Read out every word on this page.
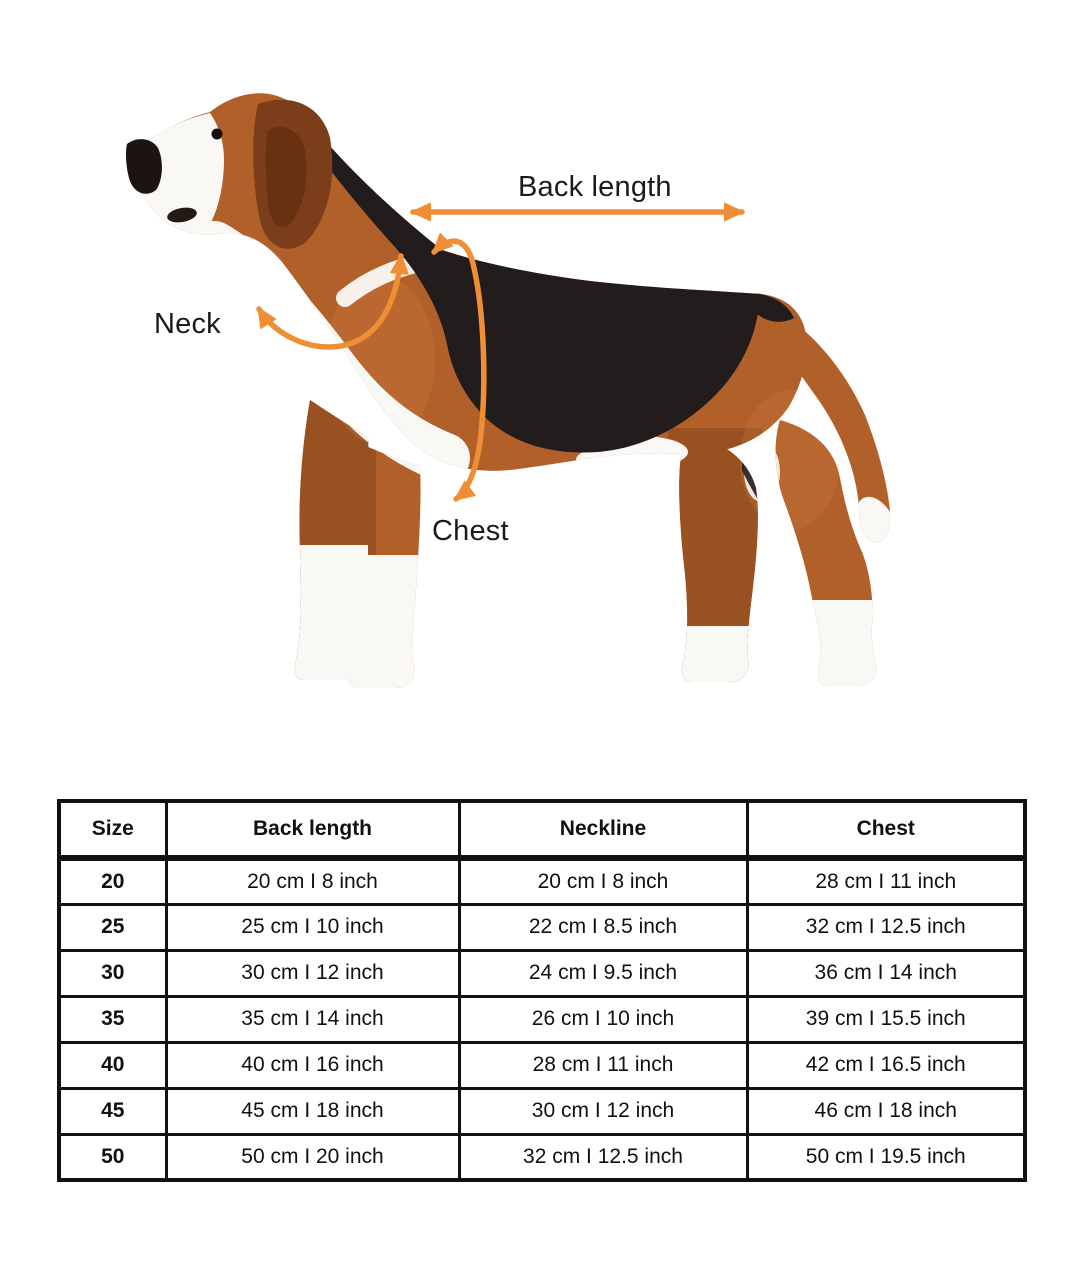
Back length
Neck
Chest
Size	Back length	Neckline	Chest
20	20 cm I 8 inch	20 cm I 8 inch	28 cm I 11 inch
25	25 cm I 10 inch	22 cm I 8.5 inch	32 cm I 12.5 inch
30	30 cm I 12 inch	24 cm I 9.5 inch	36 cm I 14 inch
35	35 cm I 14 inch	26 cm I 10 inch	39 cm I 15.5 inch
40	40 cm I 16 inch	28 cm I 11 inch	42 cm I 16.5 inch
45	45 cm I 18 inch	30 cm I 12 inch	46 cm I 18 inch
50	50 cm I 20 inch	32 cm I 12.5 inch	50 cm I 19.5 inch
